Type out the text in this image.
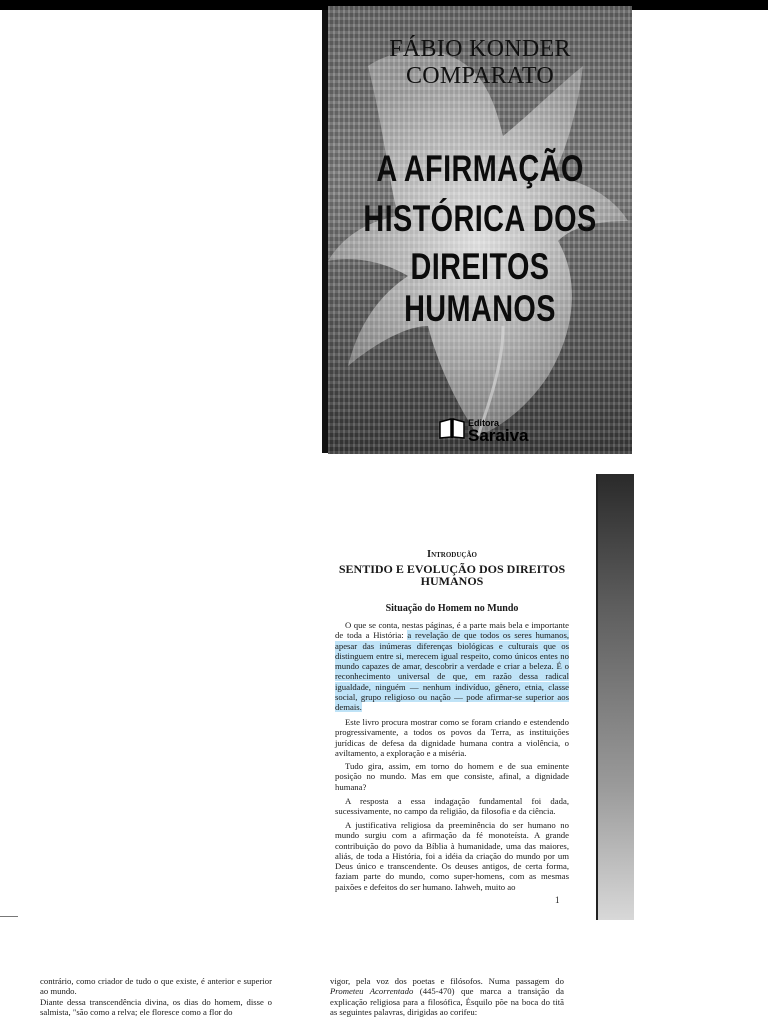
FÁBIO KONDER COMPARATO
A AFIRMAÇÃO
HISTÓRICA DOS
DIREITOS HUMANOS
Editora
Saraiva
Introdução
SENTIDO E EVOLUÇÃO DOS DIREITOS HUMANOS
Situação do Homem no Mundo
O que se conta, nestas páginas, é a parte mais bela e importante de toda a História: a revelação de que todos os seres humanos, apesar das inúmeras diferenças biológicas e culturais que os distinguem entre si, merecem igual respeito, como únicos entes no mundo capazes de amar, descobrir a verdade e criar a beleza. É o reconhecimento universal de que, em razão dessa radical igualdade, ninguém — nenhum indivíduo, gênero, etnia, classe social, grupo religioso ou nação — pode afirmar-se superior aos demais.
Este livro procura mostrar como se foram criando e estendendo progressivamente, a todos os povos da Terra, as instituições jurídicas de defesa da dignidade humana contra a violência, o aviltamento, a exploração e a miséria.
Tudo gira, assim, em torno do homem e de sua eminente posição no mundo. Mas em que consiste, afinal, a dignidade humana?
A resposta a essa indagação fundamental foi dada, sucessivamente, no campo da religião, da filosofia e da ciência.
A justificativa religiosa da preeminência do ser humano no mundo surgiu com a afirmação da fé monoteísta. A grande contribuição do povo da Bíblia à humanidade, uma das maiores, aliás, de toda a História, foi a idéia da criação do mundo por um Deus único e transcendente. Os deuses antigos, de certa forma, faziam parte do mundo, como super-homens, com as mesmas paixões e defeitos do ser humano. Iahweh, muito ao
1
contrário, como criador de tudo o que existe, é anterior e superior ao mundo.
Diante dessa transcendência divina, os dias do homem, disse o salmista, "são como a relva; ele floresce como a flor do
vigor, pela voz dos poetas e filósofos. Numa passagem do Prometeu Acorrentado (445-470) que marca a transição da explicação religiosa para a filosófica, Ésquilo põe na boca do titã as seguintes palavras, dirigidas ao corifeu:
